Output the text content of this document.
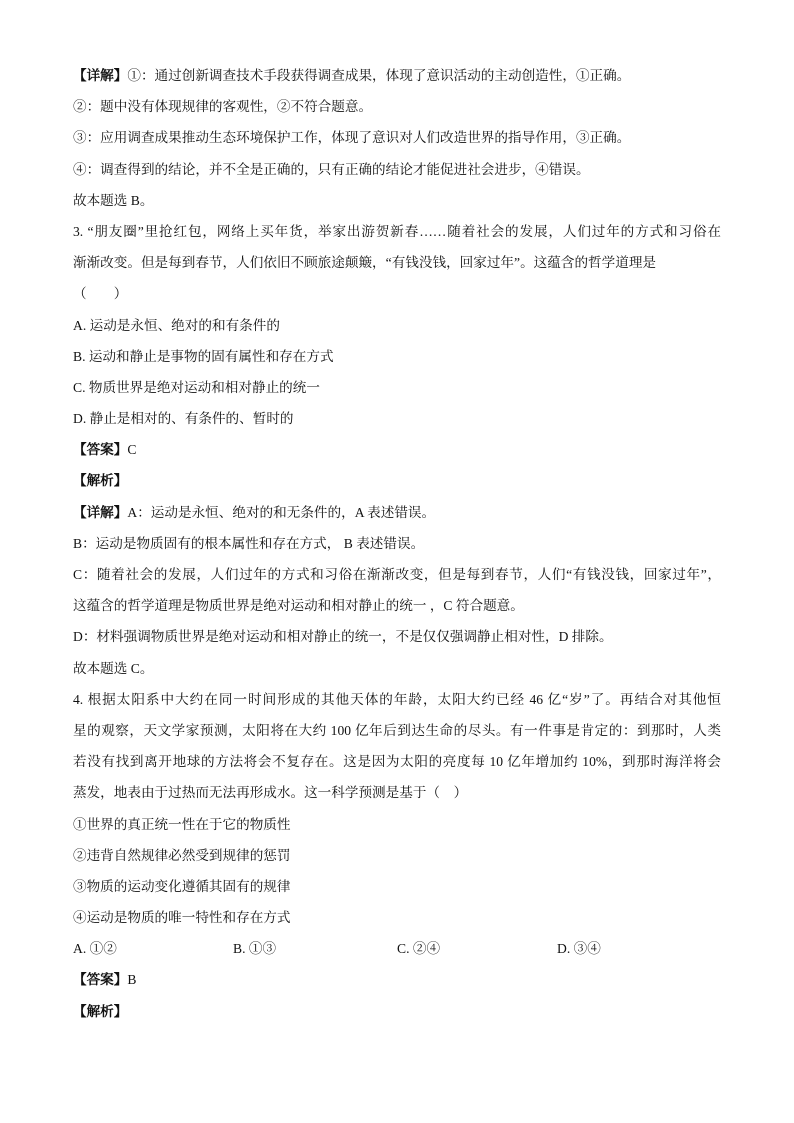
【详解】①：通过创新调查技术手段获得调查成果，体现了意识活动的主动创造性，①正确。
②：题中没有体现规律的客观性，②不符合题意。
③：应用调查成果推动生态环境保护工作，体现了意识对人们改造世界的指导作用，③正确。
④：调查得到的结论，并不全是正确的，只有正确的结论才能促进社会进步，④错误。
故本题选 B。
3. “朋友圈”里抢红包，网络上买年货，举家出游贺新春……随着社会的发展，人们过年的方式和习俗在
渐渐改变。但是每到春节，人们依旧不顾旅途颠簸，“有钱没钱，回家过年”。这蕴含的哲学道理是
（　　）
A. 运动是永恒、绝对的和有条件的
B. 运动和静止是事物的固有属性和存在方式
C. 物质世界是绝对运动和相对静止的统一
D. 静止是相对的、有条件的、暂时的
【答案】C
【解析】
【详解】A：运动是永恒、绝对的和无条件的，A 表述错误。
B：运动是物质固有的根本属性和存在方式， B 表述错误。
C：随着社会的发展，人们过年的方式和习俗在渐渐改变，但是每到春节，人们“有钱没钱，回家过年”，
这蕴含的哲学道理是物质世界是绝对运动和相对静止的统一 ，C 符合题意。
D：材料强调物质世界是绝对运动和相对静止的统一，不是仅仅强调静止相对性，D 排除。
故本题选 C。
4. 根据太阳系中大约在同一时间形成的其他天体的年龄，太阳大约已经 46 亿“岁”了。再结合对其他恒
星的观察，天文学家预测，太阳将在大约 100 亿年后到达生命的尽头。有一件事是肯定的：到那时，人类
若没有找到离开地球的方法将会不复存在。这是因为太阳的亮度每 10 亿年增加约 10%，到那时海洋将会
蒸发，地表由于过热而无法再形成水。这一科学预测是基于（　）
①世界的真正统一性在于它的物质性
②违背自然规律必然受到规律的惩罚
③物质的运动变化遵循其固有的规律
④运动是物质的唯一特性和存在方式
A. ①②	B. ①③	C. ②④	D. ③④
【答案】B
【解析】
